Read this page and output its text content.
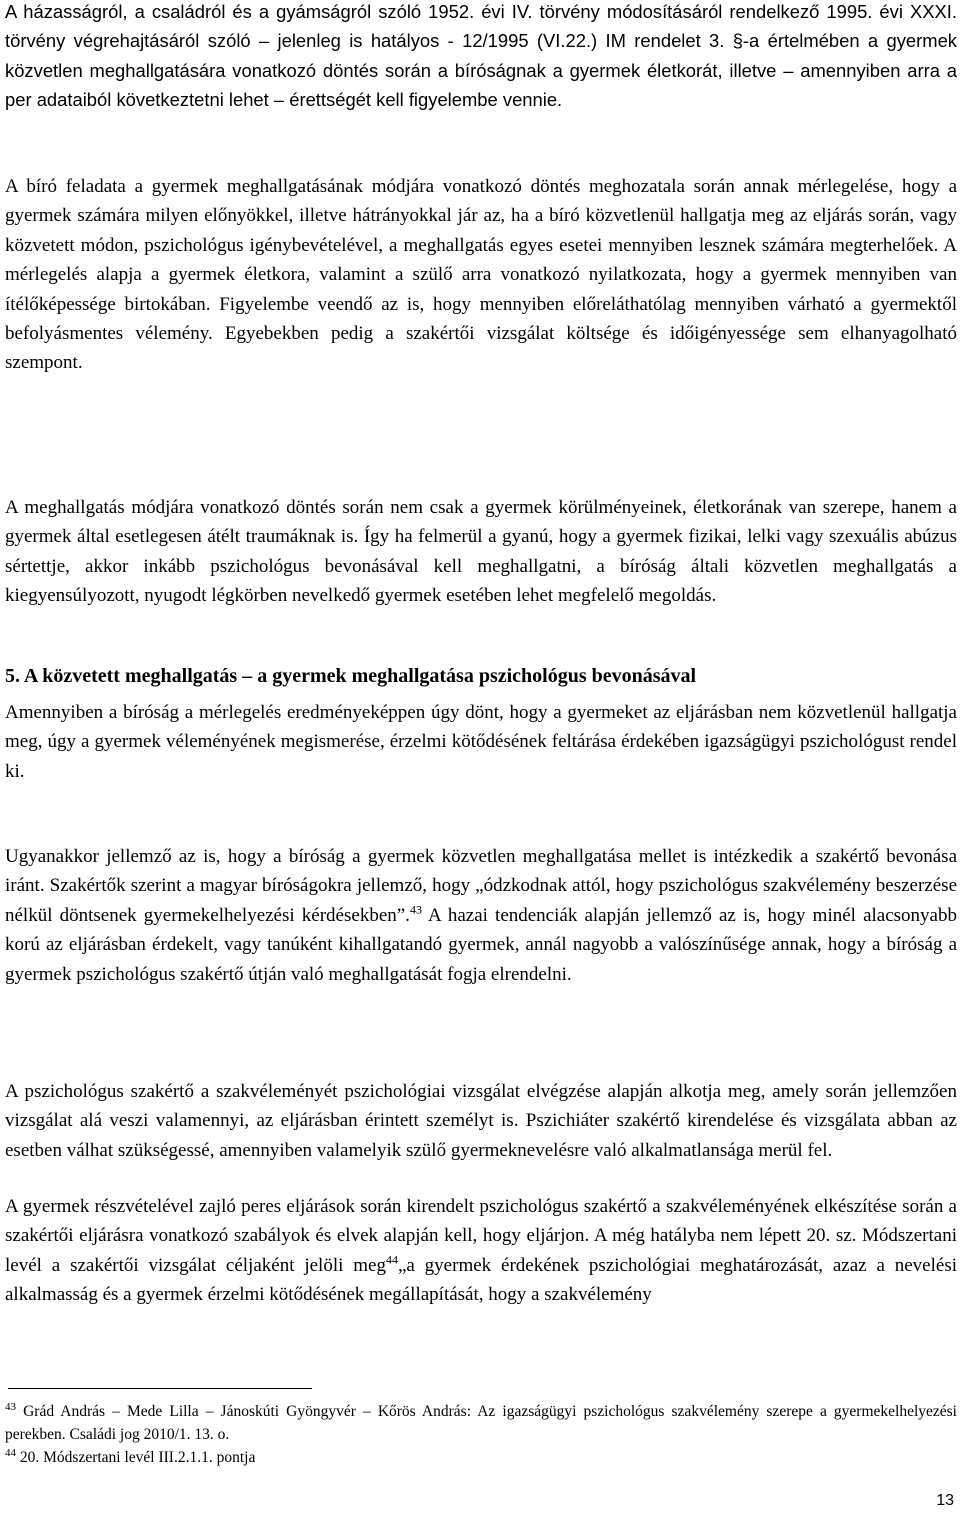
A házasságról, a családról és a gyámságról szóló 1952. évi IV. törvény módosításáról rendelkező 1995. évi XXXI. törvény végrehajtásáról szóló – jelenleg is hatályos - 12/1995 (VI.22.) IM rendelet 3. §-a értelmében a gyermek közvetlen meghallgatására vonatkozó döntés során a bíróságnak a gyermek életkorát, illetve – amennyiben arra a per adataiból következtetni lehet – érettségét kell figyelembe vennie.

A bíró feladata a gyermek meghallgatásának módjára vonatkozó döntés meghozatala során annak mérlegelése, hogy a gyermek számára milyen előnyökkel, illetve hátrányokkal jár az, ha a bíró közvetlenül hallgatja meg az eljárás során, vagy közvetett módon, pszichológus igénybevételével, a meghallgatás egyes esetei mennyiben lesznek számára megterhelőek. A mérlegelés alapja a gyermek életkora, valamint a szülő arra vonatkozó nyilatkozata, hogy a gyermek mennyiben van ítélőképessége birtokában. Figyelembe veendő az is, hogy mennyiben előreláthatólag mennyiben várható a gyermektől befolyásmentes vélemény. Egyebekben pedig a szakértői vizsgálat költsége és időigényessége sem elhanyagolható szempont.

A meghallgatás módjára vonatkozó döntés során nem csak a gyermek körülményeinek, életkorának van szerepe, hanem a gyermek által esetlegesen átélt traumáknak is. Így ha felmerül a gyanú, hogy a gyermek fizikai, lelki vagy szexuális abúzus sértettje, akkor inkább pszichológus bevonásával kell meghallgatni, a bíróság általi közvetlen meghallgatás a kiegyensúlyozott, nyugodt légkörben nevelkedő gyermek esetében lehet megfelelő megoldás.

5. A közvetett meghallgatás – a gyermek meghallgatása pszichológus bevonásával

Amennyiben a bíróság a mérlegelés eredményeképpen úgy dönt, hogy a gyermeket az eljárásban nem közvetlenül hallgatja meg, úgy a gyermek véleményének megismerése, érzelmi kötődésének feltárása érdekében igazságügyi pszichológust rendel ki.

Ugyanakkor jellemző az is, hogy a bíróság a gyermek közvetlen meghallgatása mellet is intézkedik a szakértő bevonása iránt. Szakértők szerint a magyar bíróságokra jellemző, hogy „ódzkodnak attól, hogy pszichológus szakvélemény beszerzése nélkül döntsenek gyermekelhelyezési kérdésekben”.$^{43}$ A hazai tendenciák alapján jellemző az is, hogy minél alacsonyabb korú az eljárásban érdekelt, vagy tanúként kihallgatandó gyermek, annál nagyobb a valószínűsége annak, hogy a bíróság a gyermek pszichológus szakértő útján való meghallgatását fogja elrendelni.

A pszichológus szakértő a szakvéleményét pszichológiai vizsgálat elvégzése alapján alkotja meg, amely során jellemzően vizsgálat alá veszi valamennyi, az eljárásban érintett személyt is. Pszichiáter szakértő kirendelése és vizsgálata abban az esetben válhat szükségessé, amennyiben valamelyik szülő gyermeknevelésre való alkalmatlansága merül fel.

A gyermek részvételével zajló peres eljárások során kirendelt pszichológus szakértő a szakvéleményének elkészítése során a szakértői eljárásra vonatkozó szabályok és elvek alapján kell, hogy eljárjon. A még hatályba nem lépett 20. sz. Módszertani levél a szakértői vizsgálat céljaként jelöli meg$^{44}$„a gyermek érdekének pszichológiai meghatározását, azaz a nevelési alkalmasság és a gyermek érzelmi kötődésének megállapítását, hogy a szakvélemény

$^{43}$ Grád András – Mede Lilla – Jánoskúti Gyöngyvér – Kőrös András: Az igazságügyi pszichológus szakvélemény szerepe a gyermekelhelyezési perekben. Családi jog 2010/1. 13. o.

$^{44}$ 20. Módszertani levél III.2.1.1. pontja

13
